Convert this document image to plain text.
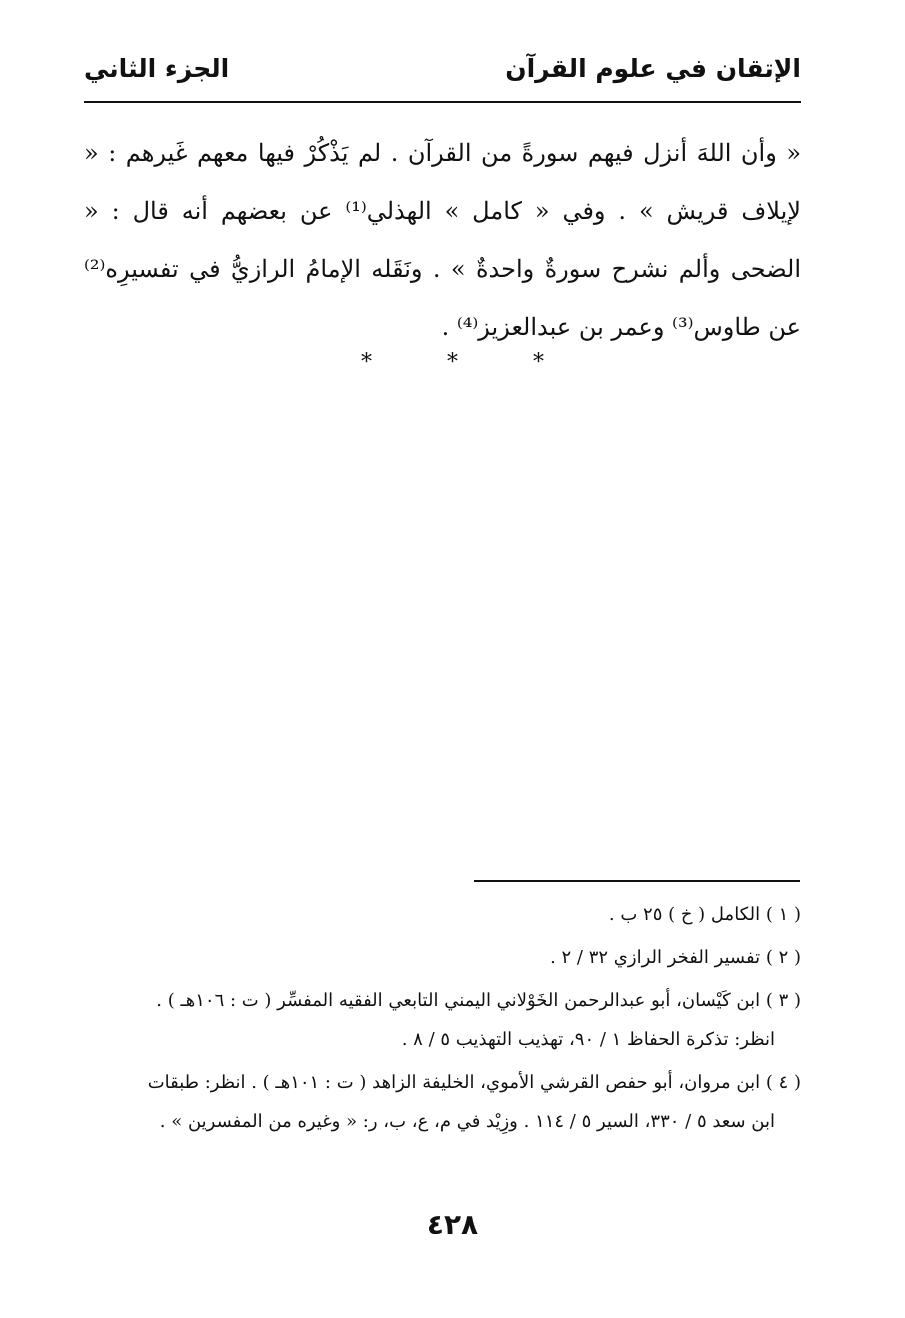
الإتقان في علوم القرآن
الجزء الثاني

« وأن اللهَ أنزل فيهم سورةً من القرآن . لم يَذْكُرْ فيها معهم غَيرهم : « لإيلاف قريش » . وفي « كامل » الهذلي⁽¹⁾ عن بعضهم أنه قال : « الضحى وألم نشرح سورةٌ واحدةٌ » . ونَقَله الإمامُ الرازيُّ في تفسيرِه⁽²⁾ عن طاوس⁽³⁾ وعمر بن عبدالعزيز⁽⁴⁾ .

* * *

( ١ ) الكامل ( خ ) ٢٥ ب .

( ٢ ) تفسير الفخر الرازي ٣٢ / ٢ .

( ٣ ) ابن كَيْسان، أبو عبدالرحمن الخَوْلاني اليمني التابعي الفقيه المفسِّر ( ت : ١٠٦هـ ) .
انظر: تذكرة الحفاظ ١ / ٩٠، تهذيب التهذيب ٥ / ٨ .

( ٤ ) ابن مروان، أبو حفص القرشي الأموي، الخليفة الزاهد ( ت : ١٠١هـ ) . انظر: طبقات
ابن سعد ٥ / ٣٣٠، السير ٥ / ١١٤ . وزِيْد في م، ع، ب، ر: « وغيره من المفسرين » .

٤٢٨
